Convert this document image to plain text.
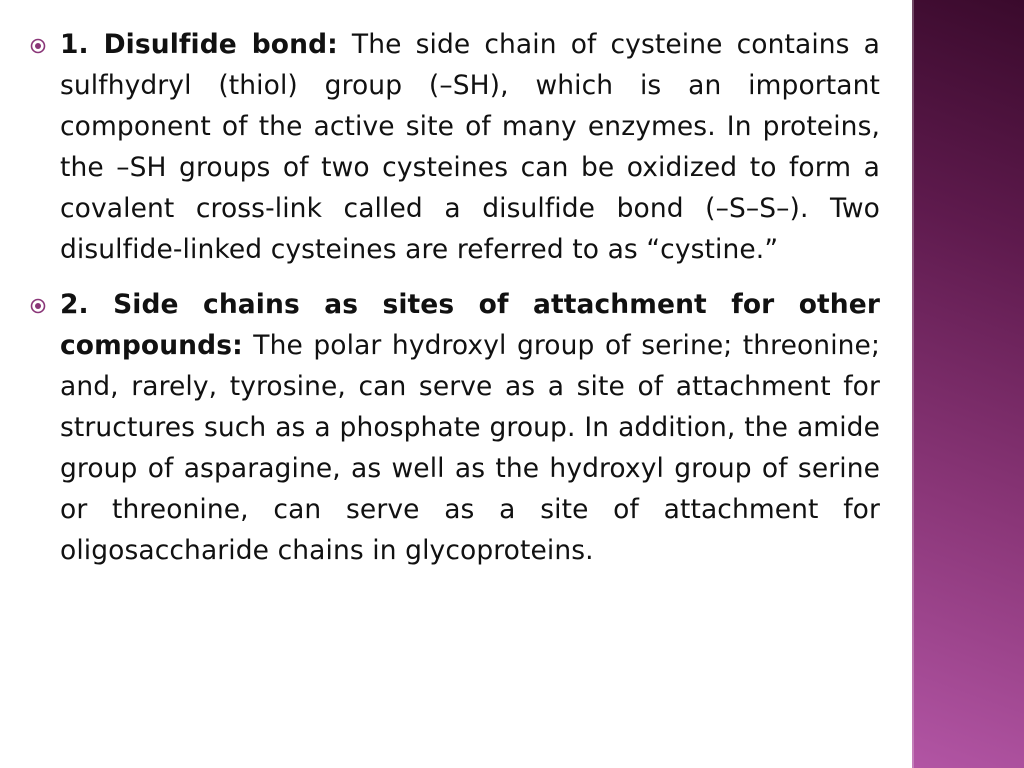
1. Disulfide bond: The side chain of cysteine contains a sulfhydryl (thiol) group (–SH), which is an important component of the active site of many enzymes. In proteins, the –SH groups of two cysteines can be oxidized to form a covalent cross-link called a disulfide bond (–S–S–). Two disulfide-linked cysteines are referred to as “cystine.”
2. Side chains as sites of attachment for other compounds: The polar hydroxyl group of serine; threonine; and, rarely, tyrosine, can serve as a site of attachment for structures such as a phosphate group. In addition, the amide group of asparagine, as well as the hydroxyl group of serine or threonine, can serve as a site of attachment for oligosaccharide chains in glycoproteins.
